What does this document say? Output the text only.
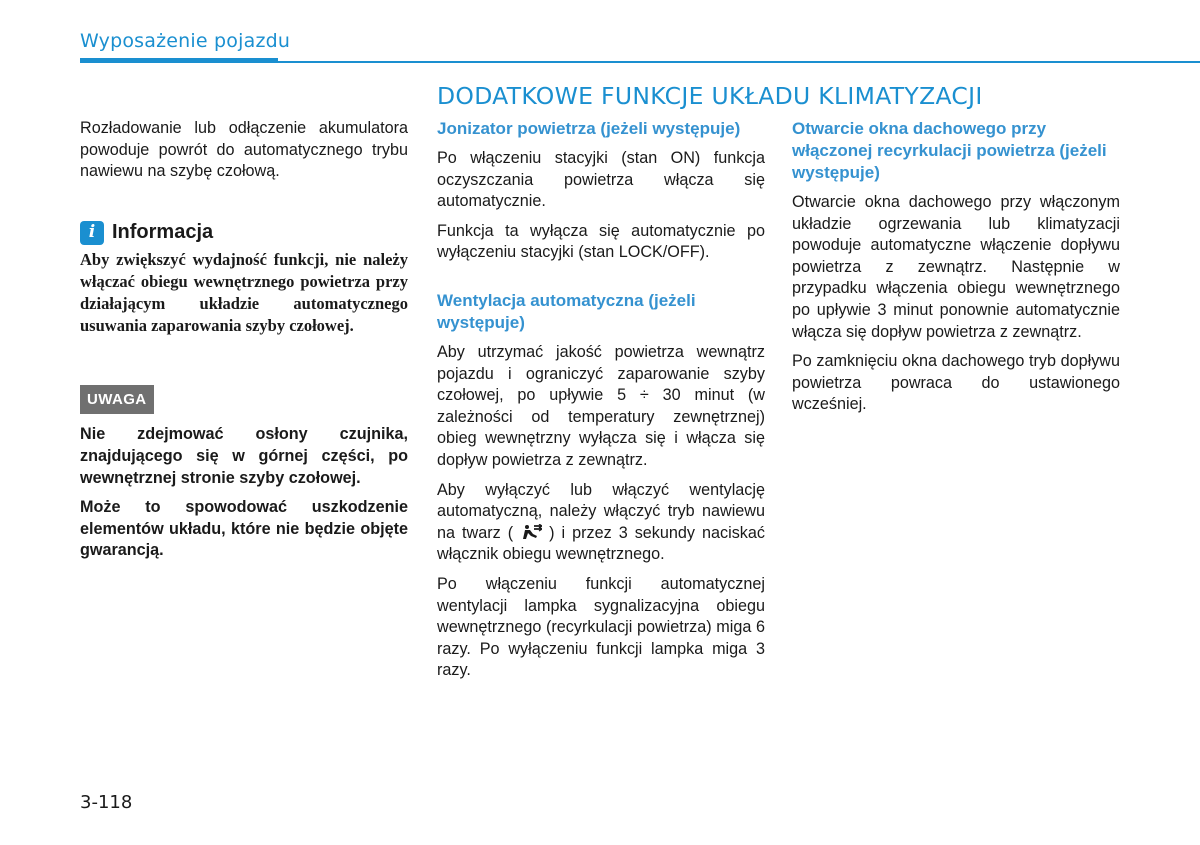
Wyposażenie pojazdu
DODATKOWE FUNKCJE UKŁADU KLIMATYZACJI

Rozładowanie lub odłączenie akumulatora powoduje powrót do automatycznego trybu nawiewu na szybę czołową.

i Informacja

Aby zwiększyć wydajność funkcji, nie należy włączać obiegu wewnętrznego powietrza przy działającym układzie automatycznego usuwania zaparowania szyby czołowej.

UWAGA

Nie zdejmować osłony czujnika, znajdującego się w górnej części, po wewnętrznej stronie szyby czołowej.

Może to spowodować uszkodzenie elementów układu, które nie będzie objęte gwarancją.

Jonizator powietrza (jeżeli występuje)

Po włączeniu stacyjki (stan ON) funkcja oczyszczania powietrza włącza się automatycznie.

Funkcja ta wyłącza się automatycznie po wyłączeniu stacyjki (stan LOCK/OFF).

Wentylacja automatyczna (jeżeli występuje)

Aby utrzymać jakość powietrza wewnątrz pojazdu i ograniczyć zaparowanie szyby czołowej, po upływie 5 ÷ 30 minut (w zależności od temperatury zewnętrznej) obieg wewnętrzny wyłącza się i włącza się dopływ powietrza z zewnątrz.

Aby wyłączyć lub włączyć wentylację automatyczną, należy włączyć tryb nawiewu na twarz (  ) i przez 3 sekundy naciskać włącznik obiegu wewnętrznego.

Po włączeniu funkcji automatycznej wentylacji lampka sygnalizacyjna obiegu wewnętrznego (recyrkulacji powietrza) miga 6 razy. Po wyłączeniu funkcji lampka miga 3 razy.

Otwarcie okna dachowego przy włączonej recyrkulacji powietrza (jeżeli występuje)

Otwarcie okna dachowego przy włączonym układzie ogrzewania lub klimatyzacji powoduje automatyczne włączenie dopływu powietrza z zewnątrz. Następnie w przypadku włączenia obiegu wewnętrznego po upływie 3 minut ponownie automatycznie włącza się dopływ powietrza z zewnątrz.

Po zamknięciu okna dachowego tryb dopływu powietrza powraca do ustawionego wcześniej.

3-118
